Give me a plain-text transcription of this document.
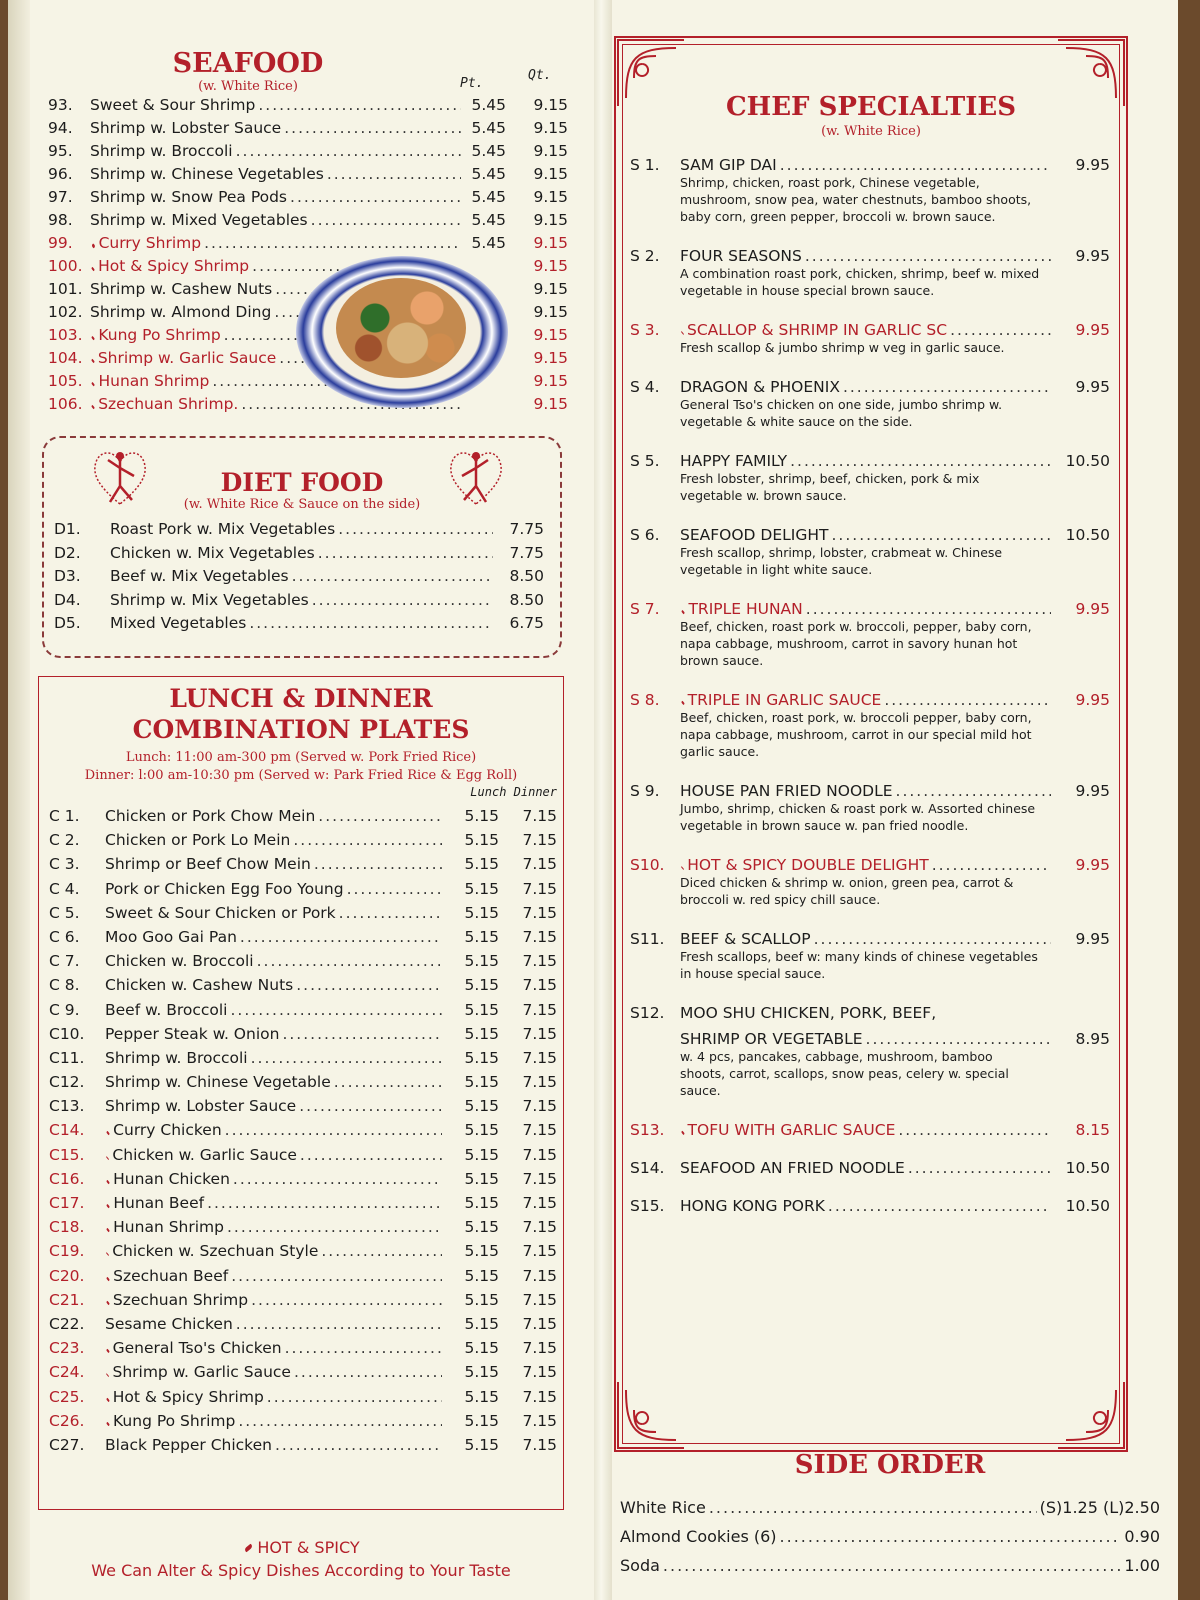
SEAFOOD
(w. White Rice)	Pt.
Qt.
93.	Sweet & Sour Shrimp .....	5.45	9.15
94.	Shrimp w. Lobster Sauce .....	5.45	9.15
95.	Shrimp w. Broccoli .....	5.45	9.15
96.	Shrimp w. Chinese Vegetables .....	5.45	9.15
97.	Shrimp w. Snow Pea Pods .....	5.45	9.15
98.	Shrimp w. Mixed Vegetables .....	5.45	9.15
99.	Curry Shrimp .....	5.45	9.15
100.	Hot & Spicy Shrimp .....	9.15
101. Shrimp w. Cashew Nuts .....	9.15
102. Shrimp w. Almond Ding .....	9.15
103.	Kung Po Shrimp .....	9.15
104. Shrimp w. Garlic Sauce .....	9.15
105.	Hunan Shrimp .....	9.15
106.	Szechuan Shrimp. .....	9.15
DIET FOOD
(w. White Rice & Sauce on the side)
D1.	Roast Pork w. Mix Vegetables .....	7.75
D2.	Chicken w. Mix Vegetables .....	7.75
D3.	Beef w. Mix Vegetables .....	8.50
D4.	Shrimp w. Mix Vegetables .....	8.50
D5.	Mixed Vegetables .....	6.75
LUNCH & DINNER
COMBINATION PLATES
Lunch: 11:00 am-300 pm (Served w. Pork Fried Rice)
Dinner: l:00 am-10:30 pm (Served w: Park Fried Rice & Egg Roll)
Lunch Dinner
C 1.	Chicken or Pork Chow Mein .....	5.15	7.15
C 2.	Chicken or Pork Lo Mein .....	5.15	7.15
C 3.	Shrimp or Beef Chow Mein .....	5.15	7.15
C 4.	Pork or Chicken Egg Foo Young .....	5.15	7.15
C 5.	Sweet & Sour Chicken or Pork .....	5.15	7.15
C 6.	Moo Goo Gai Pan .....	5.15	7.15
C 7.	Chicken w. Broccoli .....	5.15	7.15
C 8.	Chicken w. Cashew Nuts .....	5.15	7.15
C 9.	Beef w. Broccoli .....	5.15	7.15
C10.	Pepper Steak w. Onion .....	5.15	7.15
C11.	Shrimp w. Broccoli .....	5.15	7.15
C12.	Shrimp w. Chinese Vegetable .....	5.15	7.15
C13.	Shrimp w. Lobster Sauce .....	5.15	7.15
C14.	Curry Chicken .....	5.15	7.15
C15.	Chicken w. Garlic Sauce .....	5.15	7.15
C16.	Hunan Chicken .....	5.15	7.15
C17.	Hunan Beef .....	5.15	7.15
C18.	Hunan Shrimp .....	5.15	7.15
C19.	Chicken w. Szechuan Style .....	5.15	7.15
C20.	Szechuan Beef .....	5.15	7.15
C21.	Szechuan Shrimp .....	5.15	7.15
C22.	Sesame Chicken .....	5.15	7.15
C23.	General Tso's Chicken .....	5.15	7.15
C24.	Shrimp w. Garlic Sauce .....	5.15	7.15
C25.	Hot & Spicy Shrimp .....	5.15	7.15
C26.	Kung Po Shrimp .....	5.15	7.15
C27.	Black Pepper Chicken .....	5.15	7.15
HOT & SPICY
We Can Alter & Spicy Dishes According to Your Taste
CHEF SPECIALTIES
(w. White Rice)
S 1.	SAM GIP DAI .....	9.95
Shrimp, chicken, roast pork, Chinese vegetable, mushroom, snow pea, water chestnuts, bamboo shoots, baby corn, green pepper, broccoli w. brown sauce.
S 2.	FOUR SEASONS .....	9.95
A combination roast pork, chicken, shrimp, beef w. mixed vegetable in house special brown sauce.
S 3.	SCALLOP & SHRIMP IN GARLIC SC .....	9.95
Fresh scallop & jumbo shrimp w veg in garlic sauce.
S 4.	DRAGON & PHOENIX .....	9.95
General Tso's chicken on one side, jumbo shrimp w. vegetable & white sauce on the side.
S 5.	HAPPY FAMILY .....	10.50
Fresh lobster, shrimp, beef, chicken, pork & mix vegetable w. brown sauce.
S 6.	SEAFOOD DELIGHT .....	10.50
Fresh scallop, shrimp, lobster, crabmeat w. Chinese vegetable in light white sauce.
S 7.	TRIPLE HUNAN .....	9.95
Beef, chicken, roast pork w. broccoli, pepper, baby corn, napa cabbage, mushroom, carrot in savory hunan hot brown sauce.
S 8.	TRIPLE IN GARLIC SAUCE .....	9.95
Beef, chicken, roast pork, w. broccoli pepper, baby corn, napa cabbage, mushroom, carrot in our special mild hot garlic sauce.
S 9.	HOUSE PAN FRIED NOODLE .....	9.95
Jumbo, shrimp, chicken & roast pork w. Assorted chinese vegetable in brown sauce w. pan fried noodle.
S10.	HOT & SPICY DOUBLE DELIGHT .....	9.95
Diced chicken & shrimp w. onion, green pea, carrot & broccoli w. red spicy chill sauce.
S11.	BEEF & SCALLOP .....	9.95
Fresh scallops, beef w: many kinds of chinese vegetables in house special sauce.
S12.	MOO SHU CHICKEN, PORK, BEEF,
SHRIMP OR VEGETABLE .....	8.95
w. 4 pcs, pancakes, cabbage, mushroom, bamboo shoots, carrot, scallops, snow peas, celery w. special sauce.
S13.	TOFU WITH GARLIC SAUCE .....	8.15
S14.	SEAFOOD AN FRIED NOODLE .....	10.50
S15.	HONG KONG PORK .....	10.50
SIDE ORDER
White Rice .....	(S)1.25 (L)2.50
Almond Cookies (6) .....	0.90
Soda .....	1.00
